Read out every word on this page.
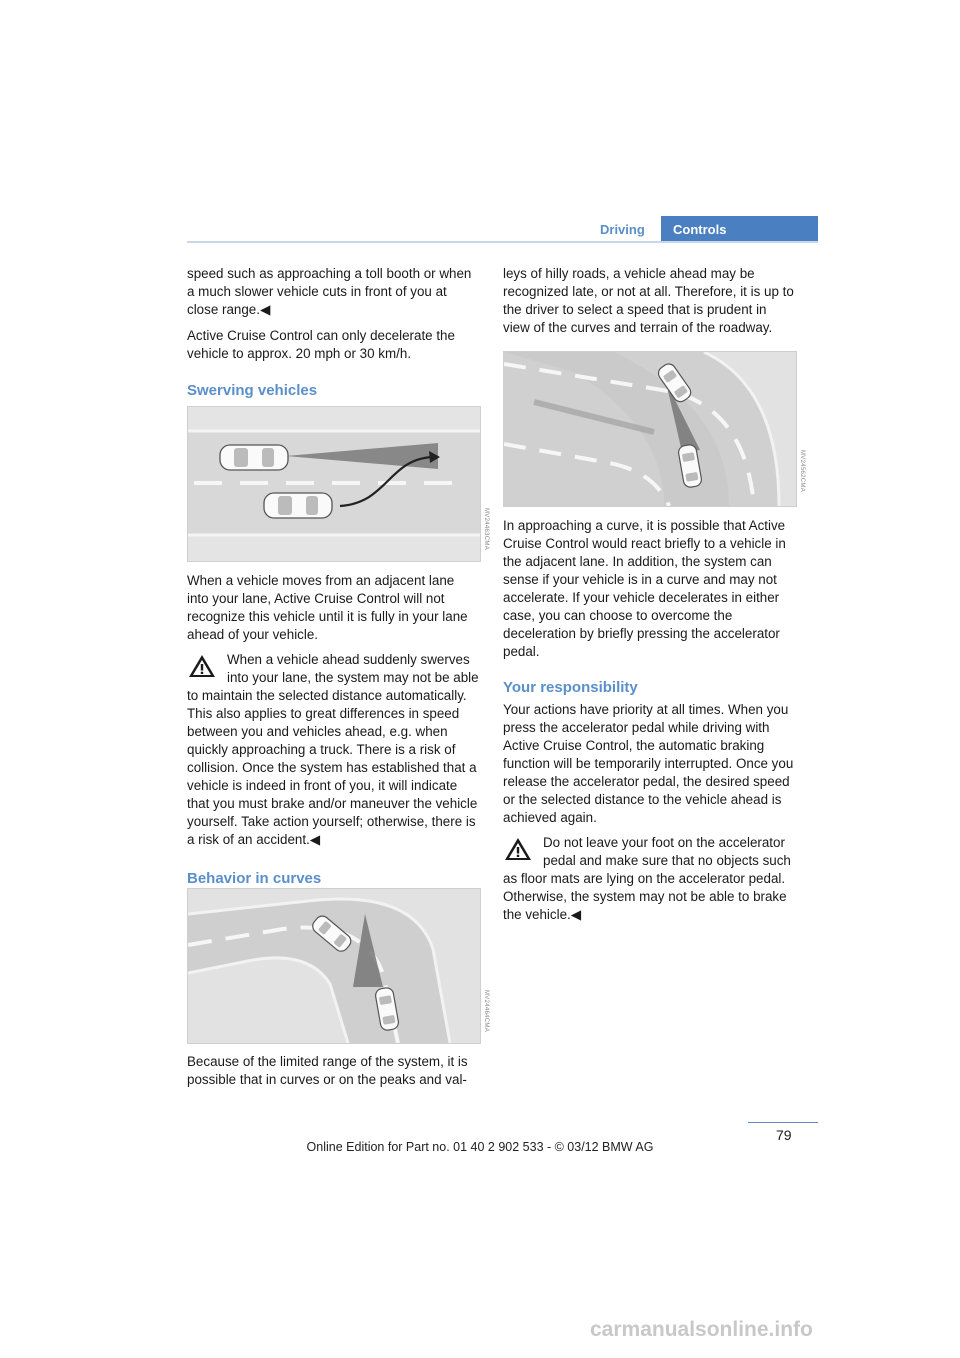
Driving	Controls

speed such as approaching a toll booth or when a much slower vehicle cuts in front of you at close range.◀

Active Cruise Control can only decelerate the vehicle to approx. 20 mph or 30 km/h.

Swerving vehicles
MV24463CMA

When a vehicle moves from an adjacent lane into your lane, Active Cruise Control will not recognize this vehicle until it is fully in your lane ahead of your vehicle.

When a vehicle ahead suddenly swerves into your lane, the system may not be able to maintain the selected distance automatically. This also applies to great differences in speed between you and vehicles ahead, e.g. when quickly approaching a truck. There is a risk of collision. Once the system has established that a vehicle is indeed in front of you, it will indicate that you must brake and/or maneuver the vehicle yourself. Take action yourself; otherwise, there is a risk of an accident.◀

Behavior in curves
MV24464CMA

Because of the limited range of the system, it is possible that in curves or on the peaks and val-

leys of hilly roads, a vehicle ahead may be recognized late, or not at all. Therefore, it is up to the driver to select a speed that is prudent in view of the curves and terrain of the roadway.

MV24562CMA

In approaching a curve, it is possible that Active Cruise Control would react briefly to a vehicle in the adjacent lane. In addition, the system can sense if your vehicle is in a curve and may not accelerate. If your vehicle decelerates in either case, you can choose to overcome the deceleration by briefly pressing the accelerator pedal.

Your responsibility

Your actions have priority at all times. When you press the accelerator pedal while driving with Active Cruise Control, the automatic braking function will be temporarily interrupted. Once you release the accelerator pedal, the desired speed or the selected distance to the vehicle ahead is achieved again.

Do not leave your foot on the accelerator pedal and make sure that no objects such as floor mats are lying on the accelerator pedal. Otherwise, the system may not be able to brake the vehicle.◀

79
Online Edition for Part no. 01 40 2 902 533 - © 03/12 BMW AG
carmanualsonline.info
